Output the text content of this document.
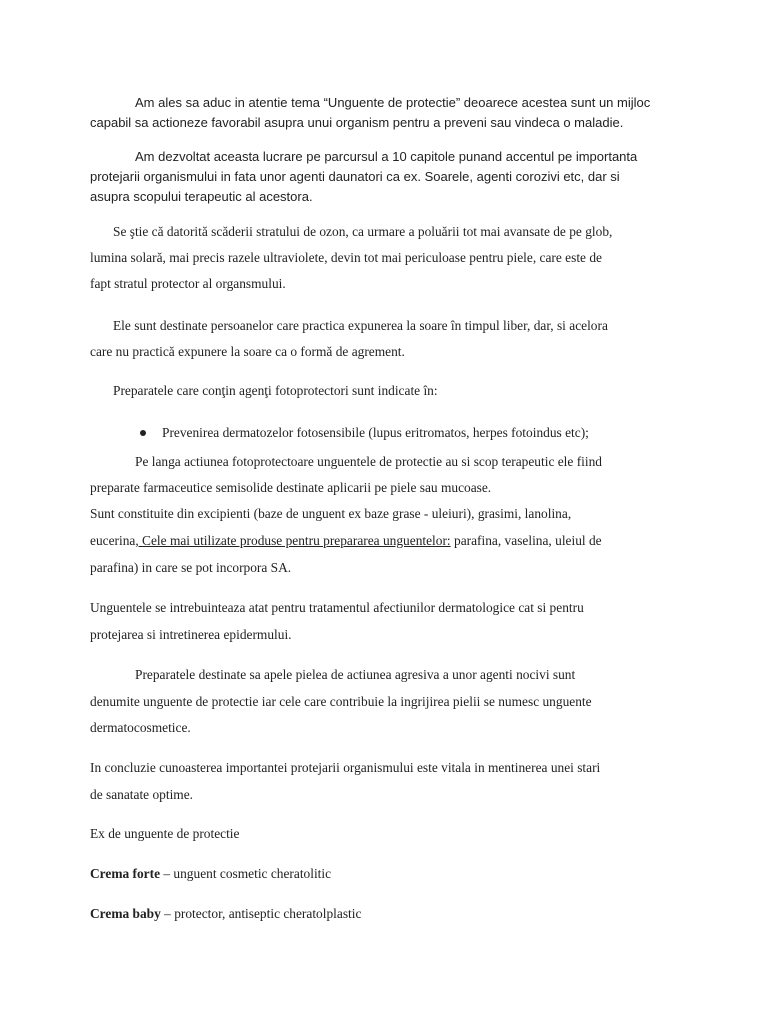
Am ales sa aduc in atentie tema “Unguente de protectie” deoarece acestea sunt un mijloc
capabil sa actioneze favorabil asupra unui organism pentru a preveni sau vindeca o maladie.
Am dezvoltat aceasta lucrare pe parcursul a 10 capitole punand accentul pe importanta
protejarii organismului in fata unor agenti daunatori ca ex. Soarele, agenti corozivi etc, dar si
asupra scopului terapeutic al acestora.
Se ştie că datorită scăderii stratului de ozon, ca urmare a poluării tot mai avansate de pe glob,
lumina solară, mai precis razele ultraviolete, devin tot mai periculoase pentru piele, care este de
fapt stratul protector al organsmului.
Ele sunt destinate persoanelor care practica expunerea la soare în timpul liber, dar, si acelora
care nu practică expunere la soare ca o formă de agrement.
Preparatele care conţin agenţi fotoprotectori sunt indicate în:
Prevenirea dermatozelor fotosensibile (lupus eritromatos, herpes fotoindus etc);
Pe langa actiunea fotoprotectoare unguentele de protectie au si scop terapeutic ele fiind
preparate farmaceutice semisolide destinate aplicarii pe piele sau mucoase.
Sunt constituite din excipienti (baze de unguent ex baze grase - uleiuri), grasimi, lanolina,
eucerina, Cele mai utilizate produse pentru prepararea unguentelor: parafina, vaselina, uleiul de
parafina) in care se pot incorpora SA.
Unguentele se intrebuinteaza atat pentru tratamentul afectiunilor dermatologice cat si pentru
protejarea si intretinerea epidermului.
Preparatele destinate sa apele pielea de actiunea agresiva a unor agenti nocivi sunt
denumite unguente de protectie iar cele care contribuie la ingrijirea pielii se numesc unguente
dermatocosmetice.
In concluzie cunoasterea importantei protejarii organismului este vitala in mentinerea unei stari
de sanatate optime.
Ex de unguente de protectie
Crema forte – unguent cosmetic cheratolitic
Crema baby – protector, antiseptic cheratolplastic
